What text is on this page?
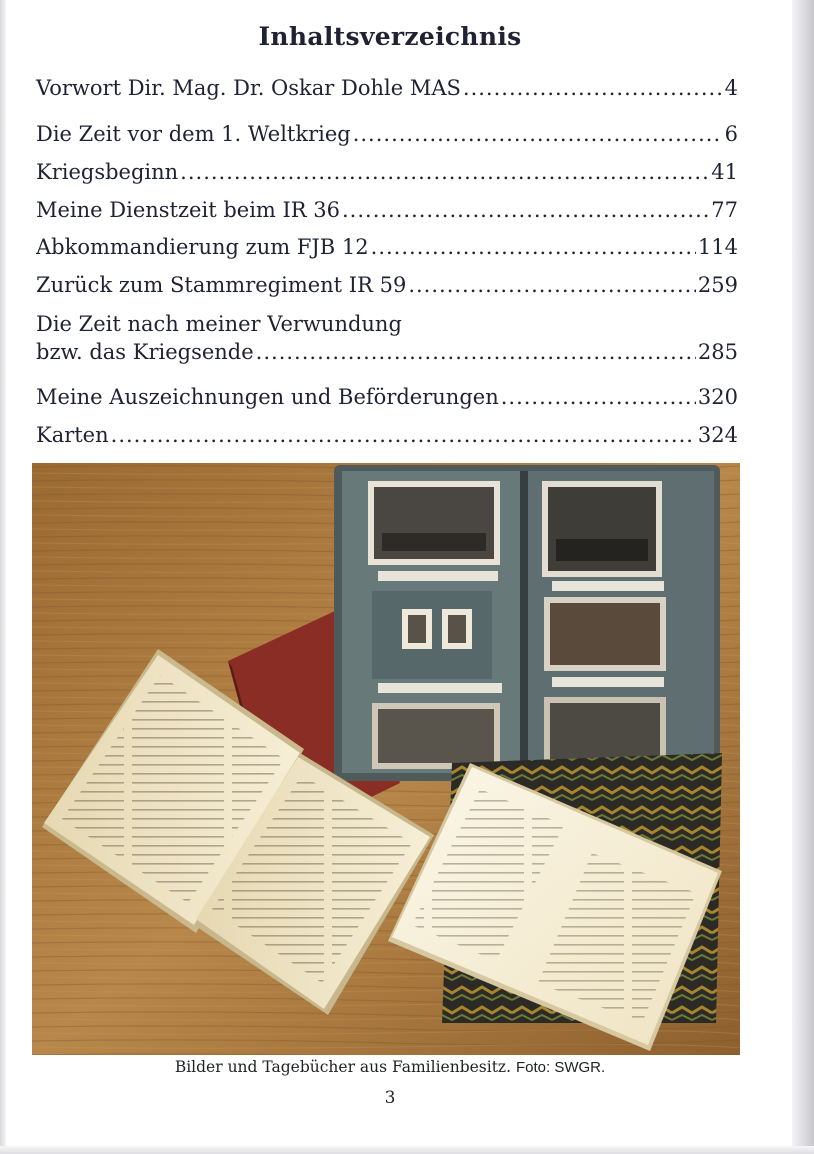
Inhaltsverzeichnis
Vorwort Dir. Mag. Dr. Oskar Dohle MAS .....	4
Die Zeit vor dem 1. Weltkrieg .....	6
Kriegsbeginn .....	41
Meine Dienstzeit beim IR 36 .....	77
Abkommandierung zum FJB 12 .....	114
Zurück zum Stammregiment IR 59 .....	259
Die Zeit nach meiner Verwundung
bzw. das Kriegsende .....	285
Meine Auszeichnungen und Beförderungen .....	320
Karten .....	324
Bilder und Tagebücher aus Familienbesitz. Foto: SWGR.
3
